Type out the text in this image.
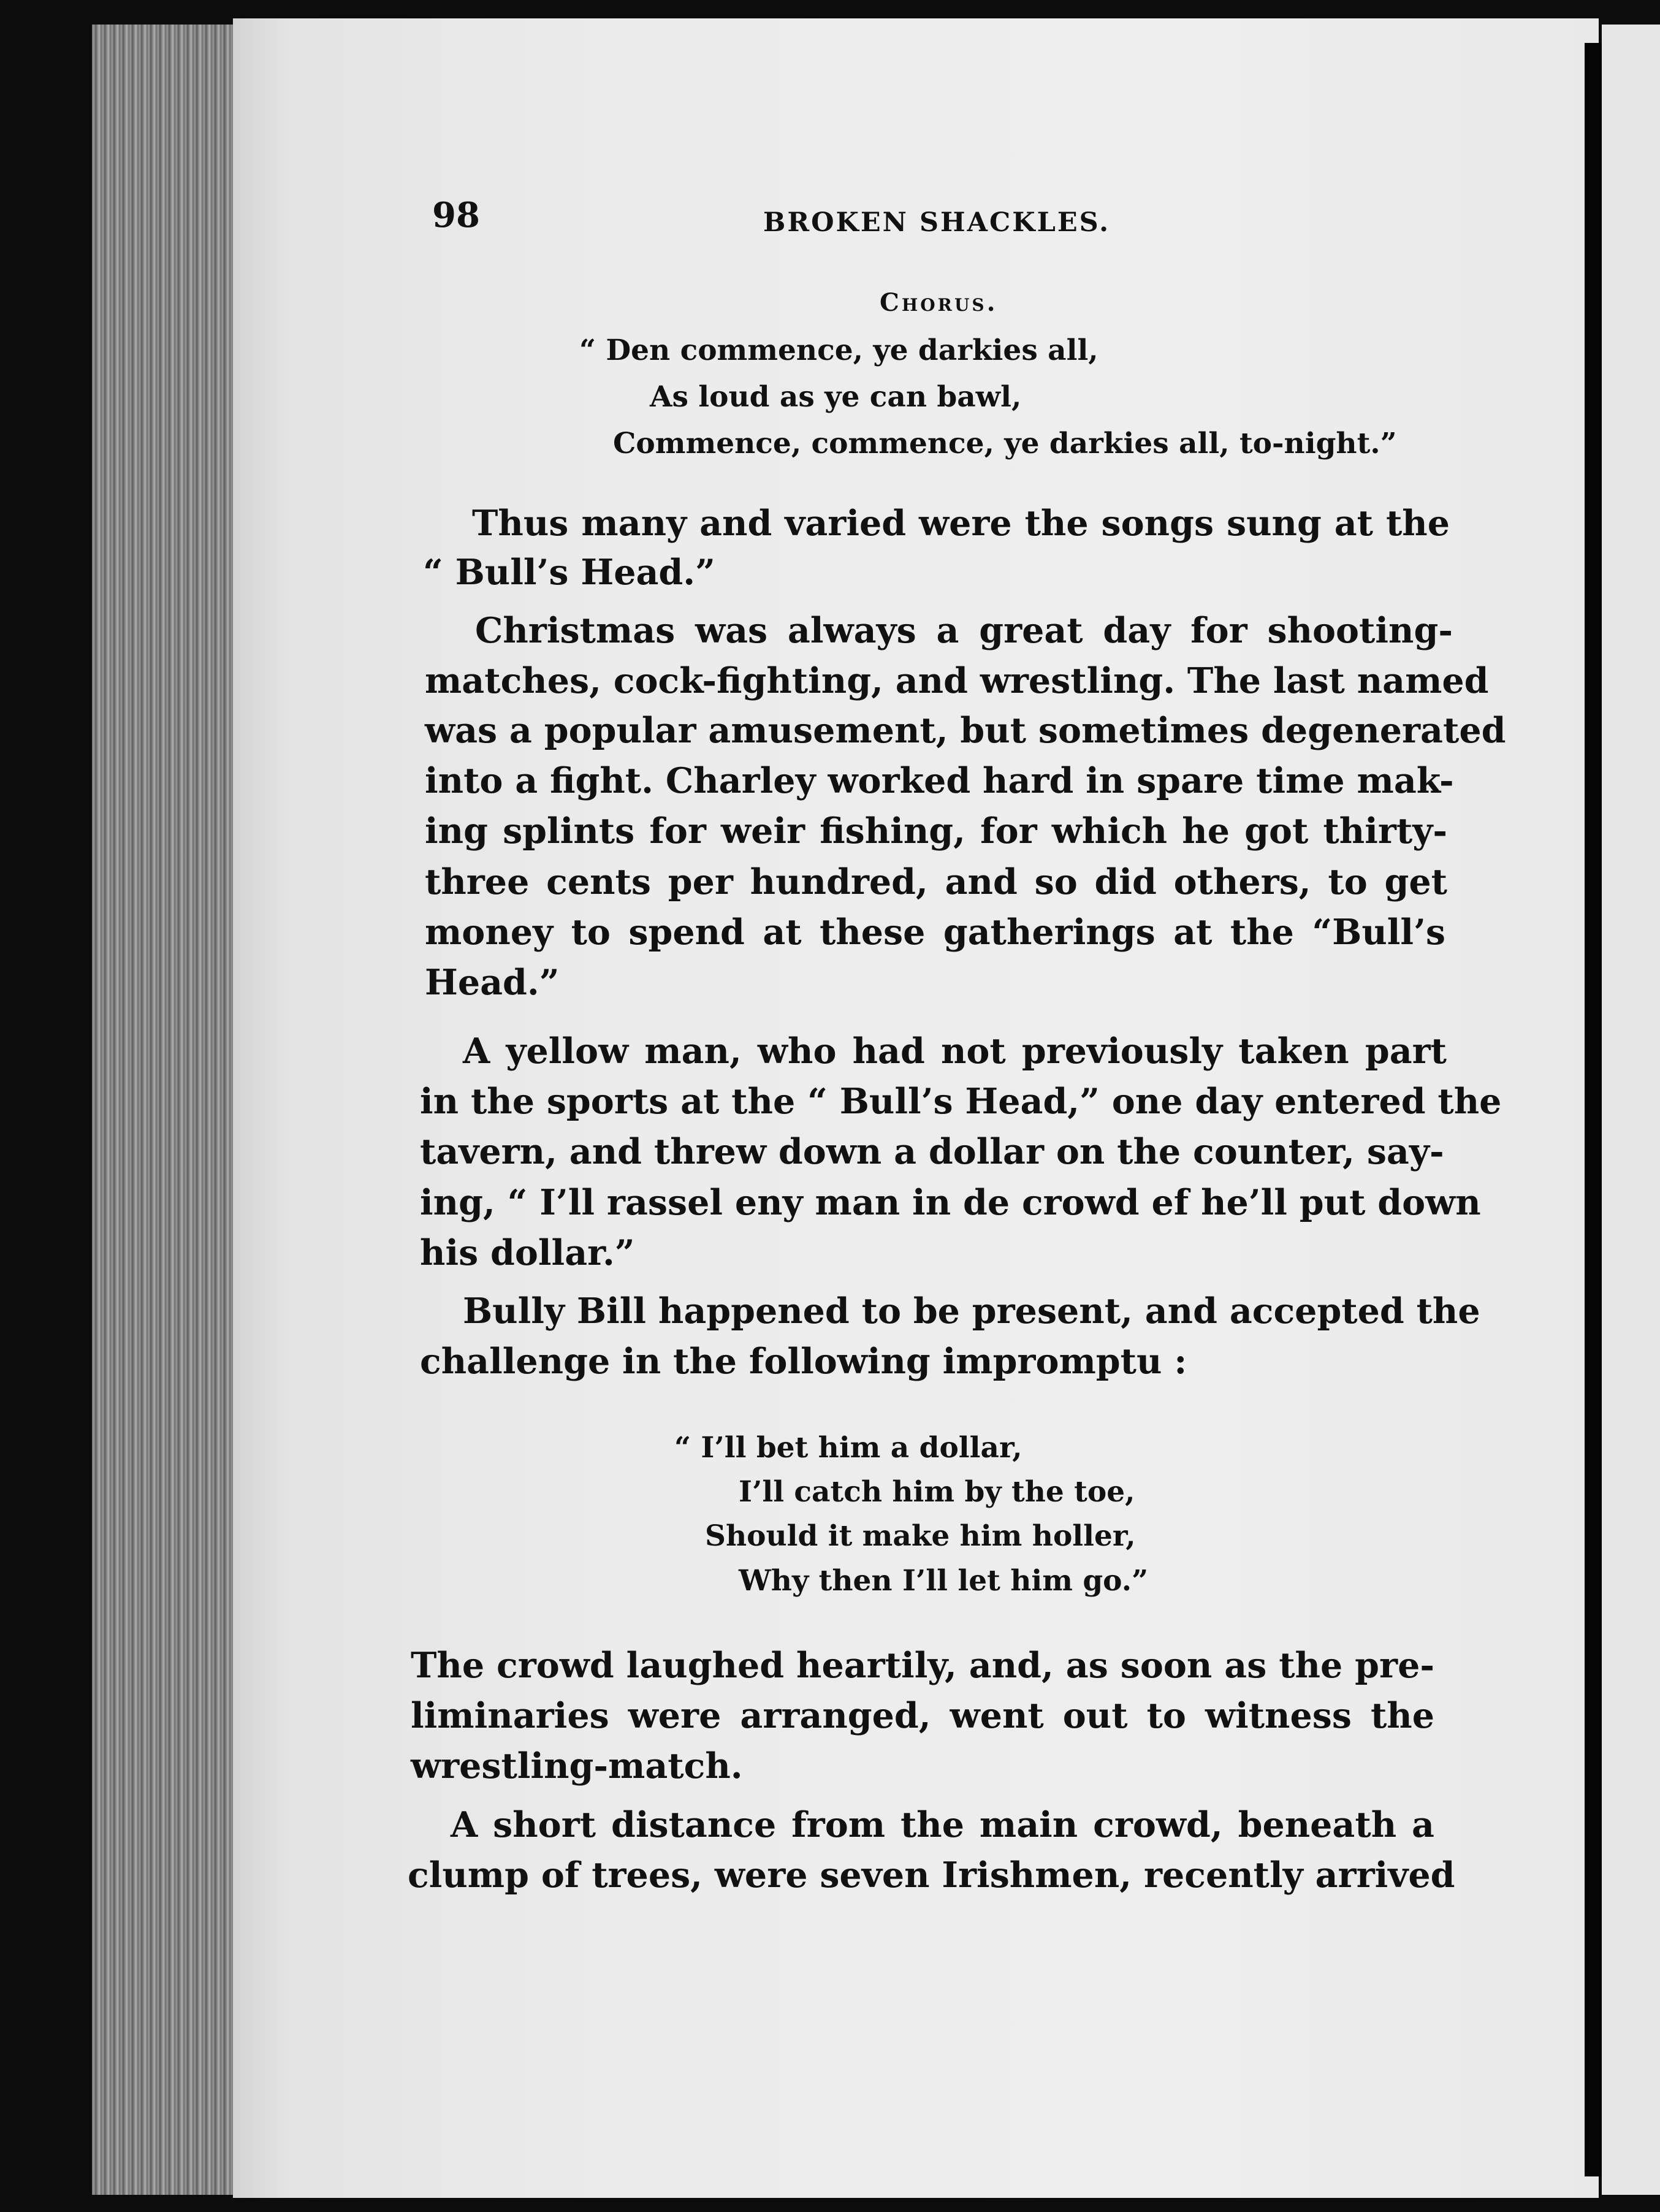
98	BROKEN SHACKLES.
Chorus.
“ Den commence, ye darkies all,
As loud as ye can bawl,
Commence, commence, ye darkies all, to-night.”
Thus many and varied were the songs sung at the
“ Bull’s Head.”
Christmas was always a great day for shooting-
matches, cock-fighting, and wrestling. The last named
was a popular amusement, but sometimes degenerated
into a fight. Charley worked hard in spare time mak-
ing splints for weir fishing, for which he got thirty-
three cents per hundred, and so did others, to get
money to spend at these gatherings at the “Bull’s
Head.”
A yellow man, who had not previously taken part
in the sports at the “ Bull’s Head,” one day entered the
tavern, and threw down a dollar on the counter, say-
ing, “ I’ll rassel eny man in de crowd ef he’ll put down
his dollar.”
Bully Bill happened to be present, and accepted the
challenge in the following impromptu :
“ I’ll bet him a dollar,
I’ll catch him by the toe,
Should it make him holler,
Why then I’ll let him go.”
The crowd laughed heartily, and, as soon as the pre-
liminaries were arranged, went out to witness the
wrestling-match.
A short distance from the main crowd, beneath a
clump of trees, were seven Irishmen, recently arrived
